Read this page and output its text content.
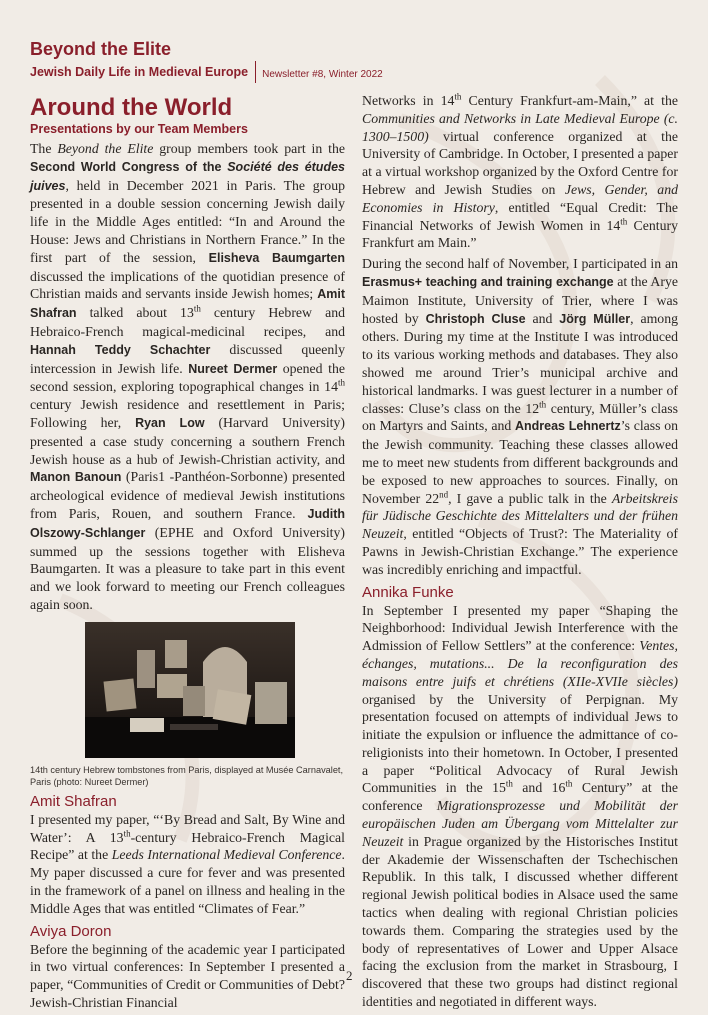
Beyond the Elite
Jewish Daily Life in Medieval Europe Newsletter #8, Winter 2022
Around the World
Presentations by our Team Members

The Beyond the Elite group members took part in the Second World Congress of the Société des études juives, held in December 2021 in Paris. The group presented in a double session concerning Jewish daily life in the Middle Ages entitled: “In and Around the House: Jews and Christians in Northern France.” In the first part of the session, Elisheva Baumgarten discussed the implications of the quotidian presence of Christian maids and servants inside Jewish homes; Amit Shafran talked about 13th century Hebrew and Hebraico-French magical-medicinal recipes, and Hannah Teddy Schachter discussed queenly intercession in Jewish life. Nureet Dermer opened the second session, exploring topographical changes in 14th century Jewish residence and resettlement in Paris; Following her, Ryan Low (Harvard University) presented a case study concerning a southern French Jewish house as a hub of Jewish-Christian activity, and Manon Banoun (Paris1 -Panthéon-Sorbonne) presented archeological evidence of medieval Jewish institutions from Paris, Rouen, and southern France. Judith Olszowy-Schlanger (EPHE and Oxford University) summed up the sessions together with Elisheva Baumgarten. It was a pleasure to take part in this event and we look forward to meeting our French colleagues again soon.

14th century Hebrew tombstones from Paris, displayed at Musée Carnavalet, Paris (photo: Nureet Dermer)
Amit Shafran

I presented my paper, “‘By Bread and Salt, By Wine and Water’: A 13th-century Hebraico-French Magical Recipe” at the Leeds International Medieval Conference. My paper discussed a cure for fever and was presented in the framework of a panel on illness and healing in the Middle Ages that was entitled “Climates of Fear.”

Aviya Doron

Before the beginning of the academic year I participated in two virtual conferences: In September I presented a paper, “Communities of Credit or Communities of Debt? Jewish-Christian Financial

Networks in 14th Century Frankfurt-am-Main,” at the Communities and Networks in Late Medieval Europe (c. 1300–1500) virtual conference organized at the University of Cambridge. In October, I presented a paper at a virtual workshop organized by the Oxford Centre for Hebrew and Jewish Studies on Jews, Gender, and Economies in History, entitled “Equal Credit: The Financial Networks of Jewish Women in 14th Century Frankfurt am Main.”

During the second half of November, I participated in an Erasmus+ teaching and training exchange at the Arye Maimon Institute, University of Trier, where I was hosted by Christoph Cluse and Jörg Müller, among others. During my time at the Institute I was introduced to its various working methods and databases. They also showed me around Trier’s municipal archive and historical landmarks. I was guest lecturer in a number of classes: Cluse’s class on the 12th century, Müller’s class on Martyrs and Saints, and Andreas Lehnertz’s class on the Jewish community. Teaching these classes allowed me to meet new students from different backgrounds and be exposed to new approaches to sources. Finally, on November 22nd, I gave a public talk in the Arbeitskreis für Jüdische Geschichte des Mittelalters und der frühen Neuzeit, entitled “Objects of Trust?: The Materiality of Pawns in Jewish-Christian Exchange.” The experience was incredibly enriching and impactful.

Annika Funke

In September I presented my paper “Shaping the Neighborhood: Individual Jewish Interference with the Admission of Fellow Settlers” at the conference: Ventes, échanges, mutations... De la reconfiguration des maisons entre juifs et chrétiens (XIIe-XVIIe siècles) organised by the University of Perpignan. My presentation focused on attempts of individual Jews to initiate the expulsion or influence the admittance of co-religionists into their hometown. In October, I presented a paper “Political Advocacy of Rural Jewish Communities in the 15th and 16th Century” at the conference Migrationsprozesse und Mobilität der europäischen Juden am Übergang vom Mittelalter zur Neuzeit in Prague organized by the Historisches Institut der Akademie der Wissenschaften der Tschechischen Republik. In this talk, I discussed whether different regional Jewish political bodies in Alsace used the same tactics when dealing with regional Christian policies towards them. Comparing the strategies used by the body of representatives of Lower and Upper Alsace facing the exclusion from the market in Strasbourg, I discovered that these two groups had distinct regional identities and negotiated in different ways.

2
